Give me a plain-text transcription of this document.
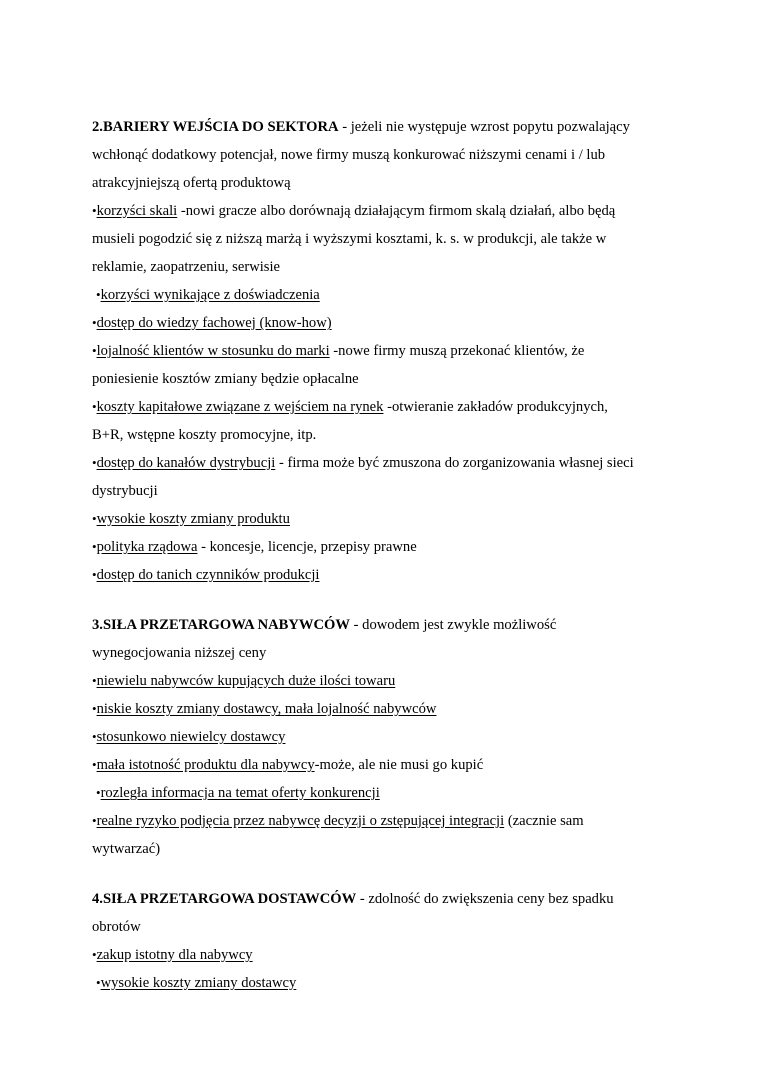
2.BARIERY WEJŚCIA DO SEKTORA - jeżeli nie występuje wzrost popytu pozwalający
wchłonąć dodatkowy potencjał, nowe firmy muszą konkurować niższymi cenami i / lub
atrakcyjniejszą ofertą produktową
•korzyści skali -nowi gracze albo dorównają działającym firmom skalą działań, albo będą
musieli pogodzić się z niższą marżą i wyższymi kosztami, k. s. w produkcji, ale także w
reklamie, zaopatrzeniu, serwisie
•korzyści wynikające z doświadczenia
•dostęp do wiedzy fachowej (know-how)
•lojalność klientów w stosunku do marki -nowe firmy muszą przekonać klientów, że
poniesienie kosztów zmiany będzie opłacalne
•koszty kapitałowe związane z wejściem na rynek -otwieranie zakładów produkcyjnych,
B+R, wstępne koszty promocyjne, itp.
•dostęp do kanałów dystrybucji - firma może być zmuszona do zorganizowania własnej sieci
dystrybucji
•wysokie koszty zmiany produktu
•polityka rządowa - koncesje, licencje, przepisy prawne
•dostęp do tanich czynników produkcji
3.SIŁA PRZETARGOWA NABYWCÓW - dowodem jest zwykle możliwość
wynegocjowania niższej ceny
•niewielu nabywców kupujących duże ilości towaru
•niskie koszty zmiany dostawcy, mała lojalność nabywców
•stosunkowo niewielcy dostawcy
•mała istotność produktu dla nabywcy-może, ale nie musi go kupić
•rozległa informacja na temat oferty konkurencji
•realne ryzyko podjęcia przez nabywcę decyzji o zstępującej integracji (zacznie sam
wytwarzać)
4.SIŁA PRZETARGOWA DOSTAWCÓW - zdolność do zwiększenia ceny bez spadku
obrotów
•zakup istotny dla nabywcy
•wysokie koszty zmiany dostawcy
